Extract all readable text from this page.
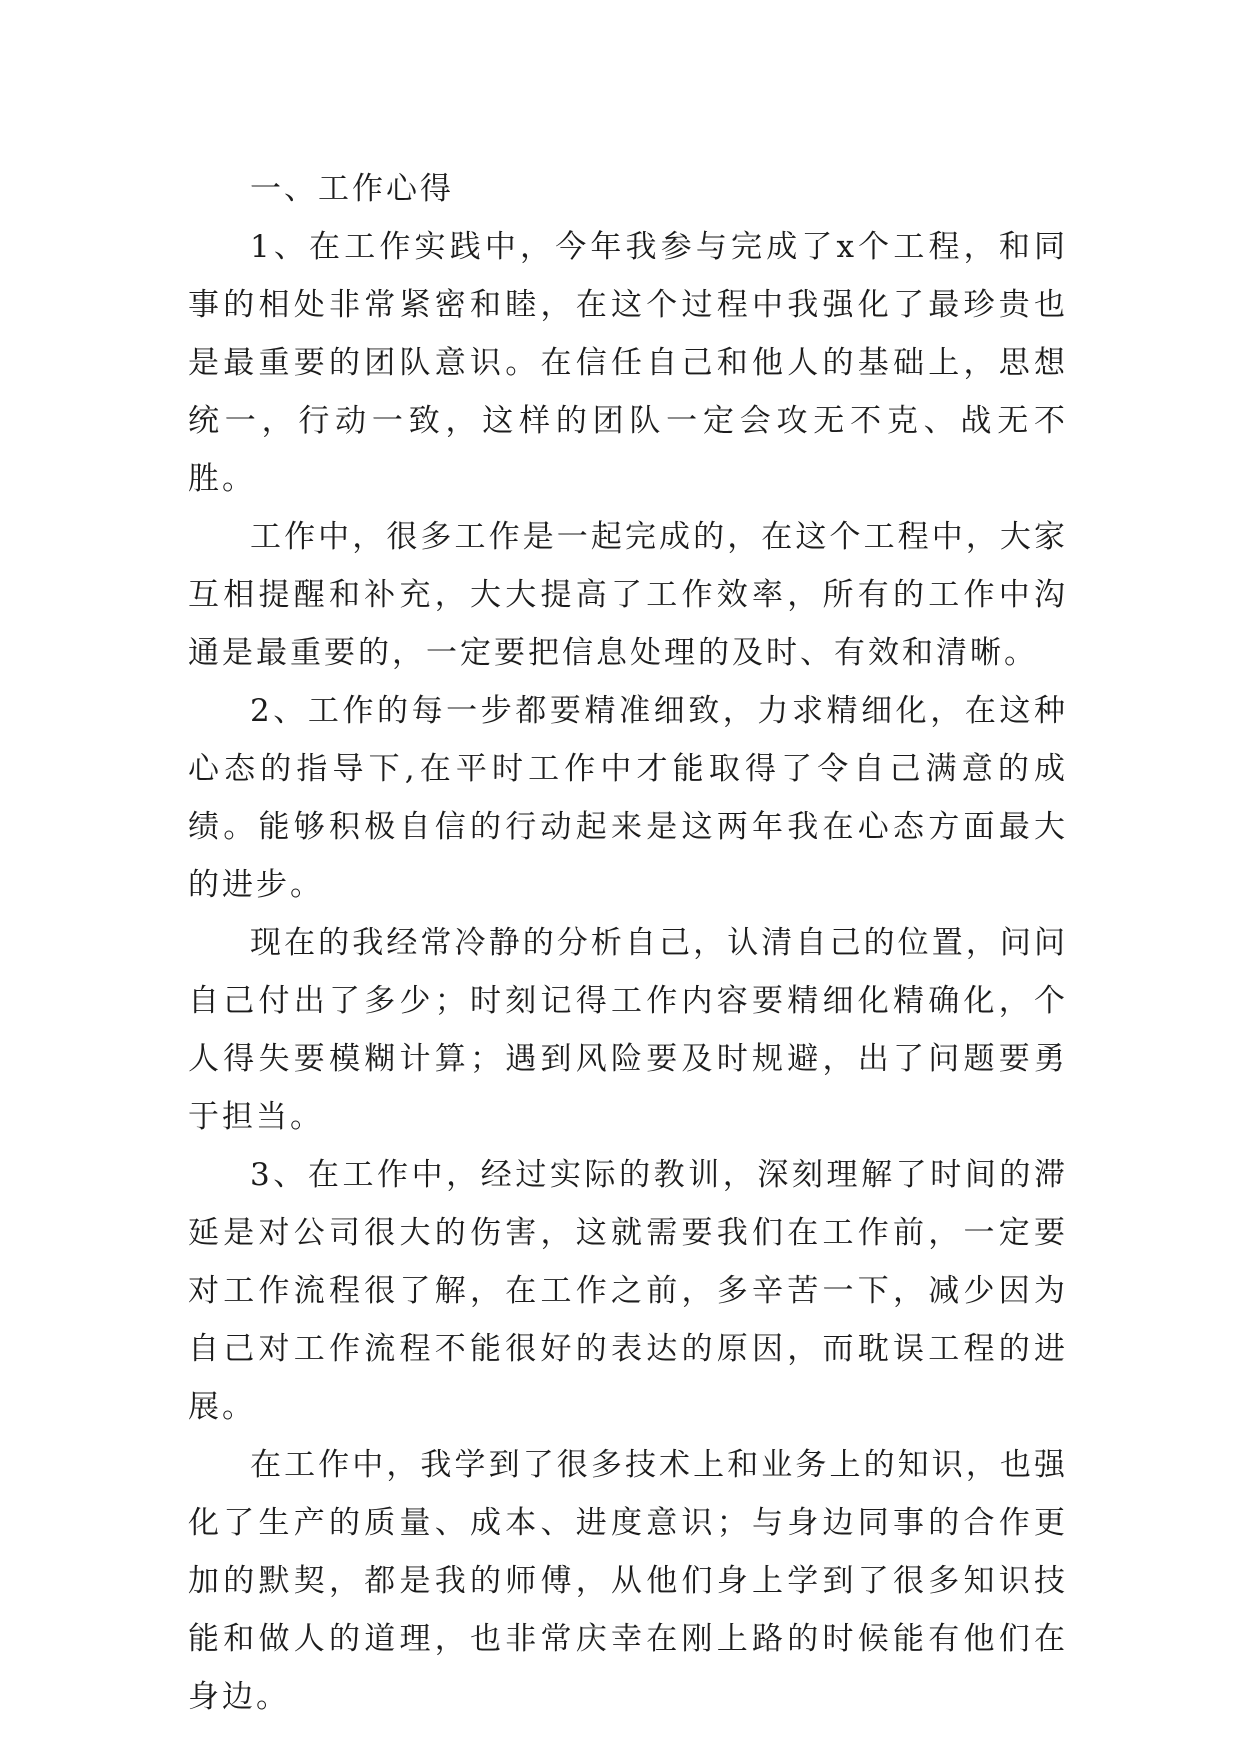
一、工作心得

1、在工作实践中，今年我参与完成了x个工程，和同事的相处非常紧密和睦，在这个过程中我强化了最珍贵也是最重要的团队意识。在信任自己和他人的基础上，思想统一，行动一致，这样的团队一定会攻无不克、战无不胜。

工作中，很多工作是一起完成的，在这个工程中，大家互相提醒和补充，大大提高了工作效率，所有的工作中沟通是最重要的，一定要把信息处理的及时、有效和清晰。

2、工作的每一步都要精准细致，力求精细化，在这种心态的指导下,在平时工作中才能取得了令自己满意的成绩。能够积极自信的行动起来是这两年我在心态方面最大的进步。

现在的我经常冷静的分析自己，认清自己的位置，问问自己付出了多少；时刻记得工作内容要精细化精确化，个人得失要模糊计算；遇到风险要及时规避，出了问题要勇于担当。

3、在工作中，经过实际的教训，深刻理解了时间的滞延是对公司很大的伤害，这就需要我们在工作前，一定要对工作流程很了解，在工作之前，多辛苦一下，减少因为自己对工作流程不能很好的表达的原因，而耽误工程的进展。

在工作中，我学到了很多技术上和业务上的知识，也强化了生产的质量、成本、进度意识；与身边同事的合作更加的默契，都是我的师傅，从他们身上学到了很多知识技能和做人的道理，也非常庆幸在刚上路的时候能有他们在身边。
